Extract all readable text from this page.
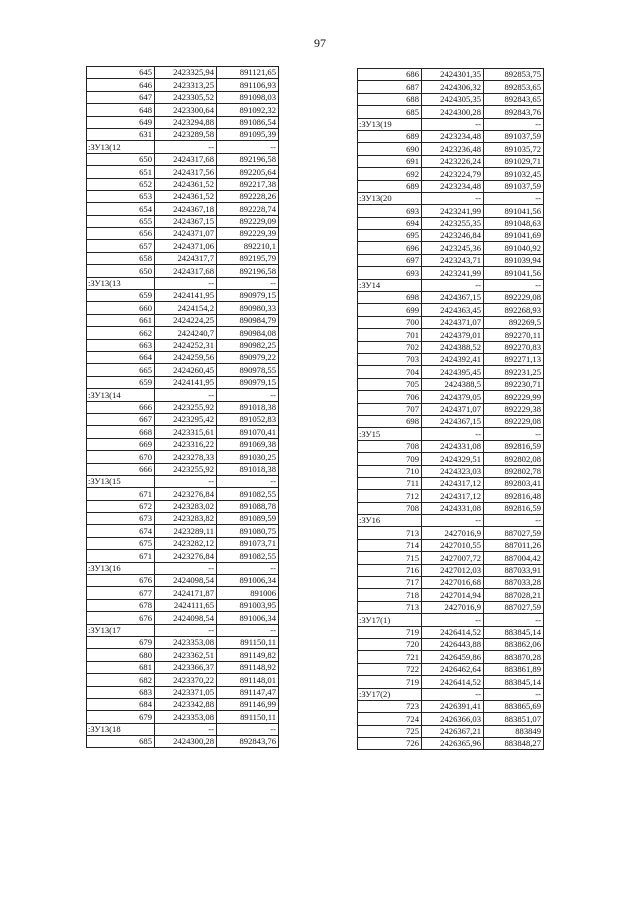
97
645	2423325,94	891121,65
646	2423313,25	891106,93
647	2423305,52	891098,03
648	2423300,64	891092,32
649	2423294,88	891086,54
631	2423289,58	891095,39
:ЗУ13(12	--	--
650	2424317,68	892196,58
651	2424317,56	892205,64
652	2424361,52	892217,38
653	2424361,52	892228,26
654	2424367,18	892228,74
655	2424367,15	892229,09
656	2424371,07	892229,39
657	2424371,06	892210,1
658	2424317,7	892195,79
650	2424317,68	892196,58
:ЗУ13(13	--	--
659	2424141,95	890979,15
660	2424154,2	890980,33
661	2424224,25	890984,79
662	2424240,7	890984,08
663	2424252,31	890982,25
664	2424259,56	890979,22
665	2424260,45	890978,55
659	2424141,95	890979,15
:ЗУ13(14	--	--
666	2423255,92	891018,38
667	2423295,42	891052,83
668	2423315,61	891070,41
669	2423316,22	891069,38
670	2423278,33	891030,25
666	2423255,92	891018,38
:ЗУ13(15	--	--
671	2423276,84	891082,55
672	2423283,02	891088,78
673	2423283,82	891089,59
674	2423289,11	891080,75
675	2423282,12	891073,71
671	2423276,84	891082,55
:ЗУ13(16	--	--
676	2424098,54	891006,34
677	2424171,87	891006
678	2424111,65	891003,95
676	2424098,54	891006,34
:ЗУ13(17	--	--
679	2423353,08	891150,11
680	2423362,51	891149,82
681	2423366,37	891148,92
682	2423370,22	891148,01
683	2423371,05	891147,47
684	2423342,88	891146,99
679	2423353,08	891150,11
:ЗУ13(18	--	--
685	2424300,28	892843,76
686	2424301,35	892853,75
687	2424306,32	892853,65
688	2424305,35	892843,65
685	2424300,28	892843,76
:ЗУ13(19	--	--
689	2423234,48	891037,59
690	2423236,48	891035,72
691	2423226,24	891029,71
692	2423224,79	891032,45
689	2423234,48	891037,59
:ЗУ13(20	--	--
693	2423241,99	891041,56
694	2423255,35	891048,63
695	2423246,84	891041,69
696	2423245,36	891040,92
697	2423243,71	891039,94
693	2423241,99	891041,56
:ЗУ14	--	--
698	2424367,15	892229,08
699	2424363,45	892268,93
700	2424371,07	892269,5
701	2424379,01	892270,11
702	2424388,52	892270,83
703	2424392,41	892271,13
704	2424395,45	892231,25
705	2424388,5	892230,71
706	2424379,05	892229,99
707	2424371,07	892229,38
698	2424367,15	892229,08
:ЗУ15	--	--
708	2424331,08	892816,59
709	2424329,51	892802,08
710	2424323,03	892802,78
711	2424317,12	892803,41
712	2424317,12	892816,48
708	2424331,08	892816,59
:ЗУ16	--	--
713	2427016,9	887027,59
714	2427010,55	887011,26
715	2427007,72	887004,42
716	2427012,03	887033,91
717	2427016,68	887033,28
718	2427014,94	887028,21
713	2427016,9	887027,59
:ЗУ17(1)	--	--
719	2426414,52	883845,14
720	2426443,88	883862,06
721	2426459,86	883870,28
722	2426462,64	883861,89
719	2426414,52	883845,14
:ЗУ17(2)	--	--
723	2426391,41	883865,69
724	2426366,03	883851,07
725	2426367,21	883849
726	2426365,96	883848,27
